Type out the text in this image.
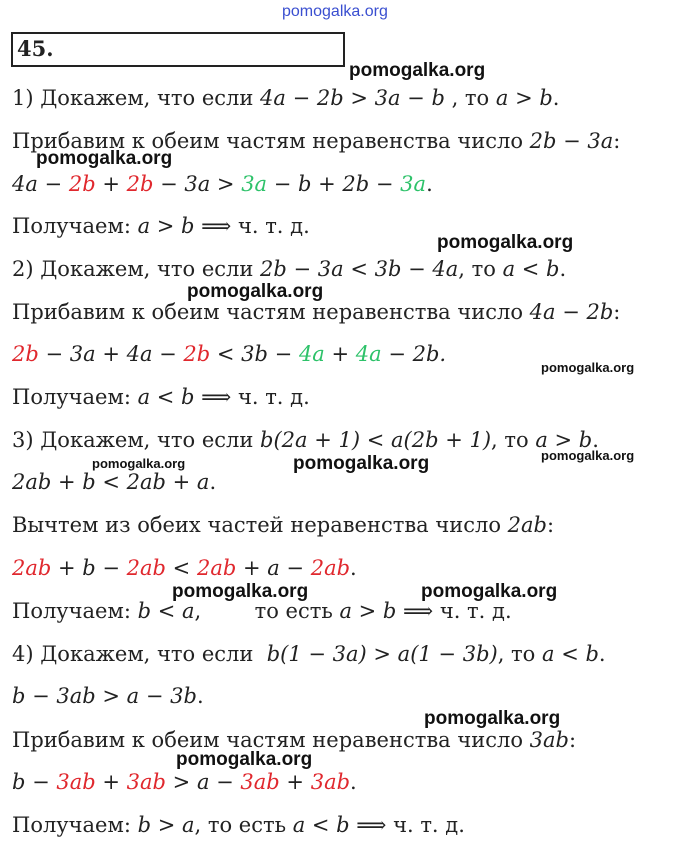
pomogalka.org
pomogalka.org
pomogalka.org
pomogalka.org
pomogalka.org
pomogalka.org
pomogalka.org	pomogalka.org	pomogalka.org
pomogalka.org	pomogalka.org
pomogalka.org
pomogalka.org
45.
1) Докажем, что если 4a − 2b > 3a − b , то a > b.
Прибавим к обеим частям неравенства число 2b − 3a:
4a − 2b + 2b − 3a > 3a − b + 2b − 3a.
Получаем: a > b ⟹ ч. т. д.
2) Докажем, что если 2b − 3a < 3b − 4a, то a < b.
Прибавим к обеим частям неравенства число 4a − 2b:
2b − 3a + 4a − 2b < 3b − 4a + 4a − 2b.
Получаем: a < b ⟹ ч. т. д.
3) Докажем, что если b(2a + 1) < a(2b + 1), то a > b.
2ab + b < 2ab + a.
Вычтем из обеих частей неравенства число 2ab:
2ab + b − 2ab < 2ab + a − 2ab.
Получаем: b < a,        то есть a > b ⟹ ч. т. д.
4) Докажем, что если  b(1 − 3a) > a(1 − 3b), то a < b.
b − 3ab > a − 3b.
Прибавим к обеим частям неравенства число 3ab:
b − 3ab + 3ab > a − 3ab + 3ab.
Получаем: b > a, то есть a < b ⟹ ч. т. д.
